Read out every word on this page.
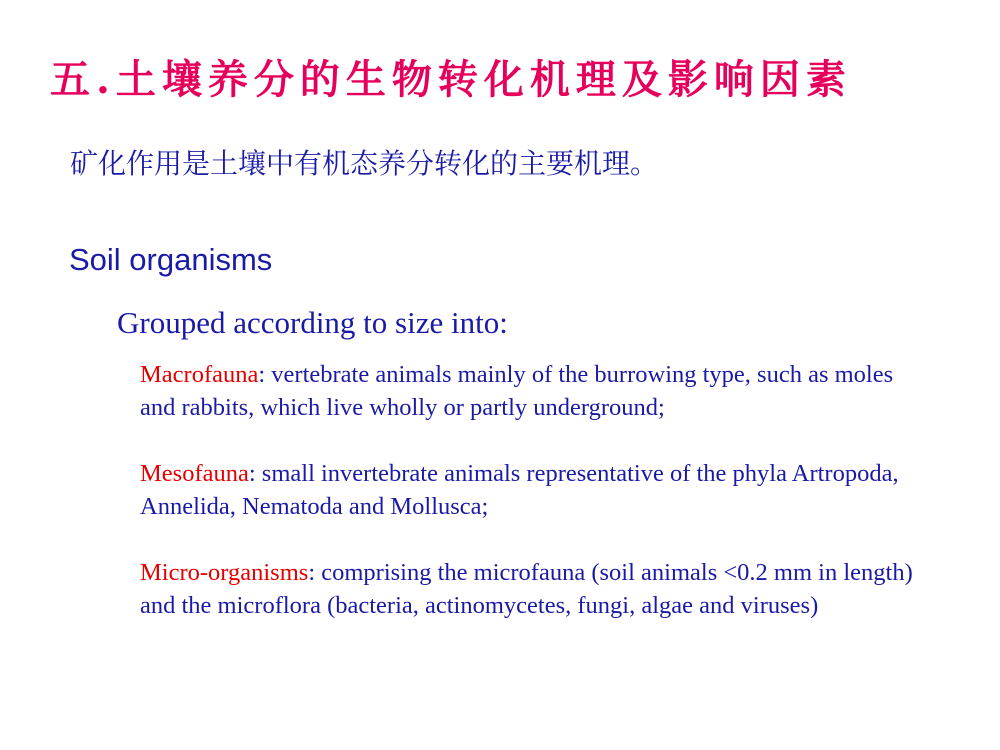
五.土壤养分的生物转化机理及影响因素
矿化作用是土壤中有机态养分转化的主要机理。
Soil organisms
Grouped according to size into:

Macrofauna: vertebrate animals mainly of the burrowing type, such as moles and rabbits, which live wholly or partly underground;

Mesofauna: small invertebrate animals representative of the phyla Artropoda, Annelida, Nematoda and Mollusca;

Micro-organisms: comprising the microfauna (soil animals <0.2 mm in length) and the microflora (bacteria, actinomycetes, fungi, algae and viruses)
